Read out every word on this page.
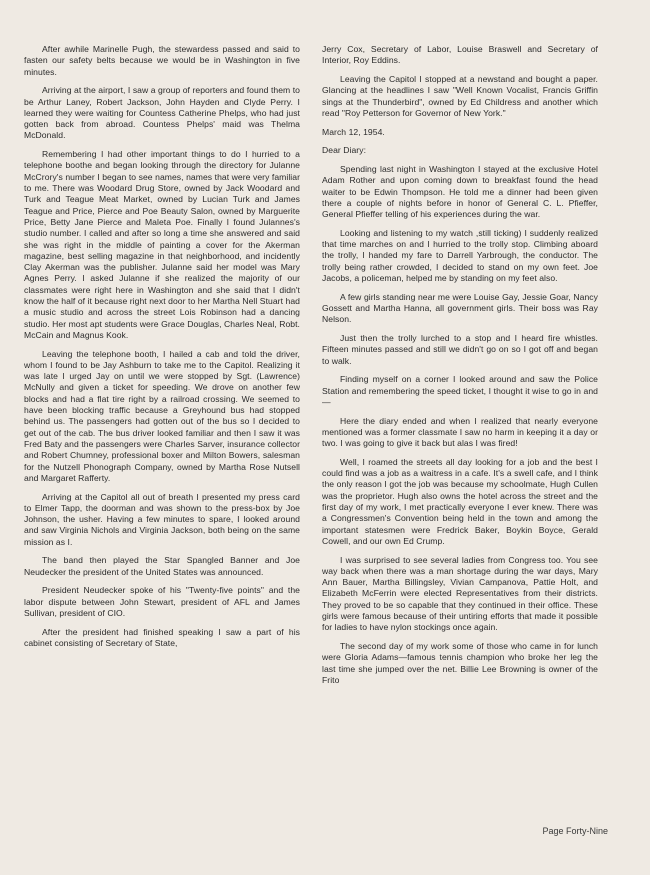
After awhile Marinelle Pugh, the stewardess passed and said to fasten our safety belts because we would be in Washington in five minutes.

Arriving at the airport, I saw a group of reporters and found them to be Arthur Laney, Robert Jackson, John Hayden and Clyde Perry. I learned they were waiting for Countess Catherine Phelps, who had just gotten back from abroad. Countess Phelps' maid was Thelma McDonald.

Remembering I had other important things to do I hurried to a telephone boothe and began looking through the directory for Julanne McCrory's number I began to see names, names that were very familiar to me. There was Woodard Drug Store, owned by Jack Woodard and Turk and Teague Meat Market, owned by Lucian Turk and James Teague and Price, Pierce and Poe Beauty Salon, owned by Marguerite Price, Betty Jane Pierce and Maleta Poe. Finally I found Julannes's studio number. I called and after so long a time she answered and said she was right in the middle of painting a cover for the Akerman magazine, best selling magazine in that neighborhood, and incidently Clay Akerman was the publisher. Julanne said her model was Mary Agnes Perry. I asked Julanne if she realized the majority of our classmates were right here in Washington and she said that I didn't know the half of it because right next door to her Martha Nell Stuart had a music studio and across the street Lois Robinson had a dancing studio. Her most apt students were Grace Douglas, Charles Neal, Robt. McCain and Magnus Kook.

Leaving the telephone booth, I hailed a cab and told the driver, whom I found to be Jay Ashburn to take me to the Capitol. Realizing it was late I urged Jay on until we were stopped by Sgt. (Lawrence) McNully and given a ticket for speeding. We drove on another few blocks and had a flat tire right by a railroad crossing. We seemed to have been blocking traffic because a Greyhound bus had stopped behind us. The passengers had gotten out of the bus so I decided to get out of the cab. The bus driver looked familiar and then I saw it was Fred Baty and the passengers were Charles Sarver, insurance collector and Robert Chumney, professional boxer and Milton Bowers, salesman for the Nutzell Phonograph Company, owned by Martha Rose Nutsell and Margaret Rafferty.

Arriving at the Capitol all out of breath I presented my press card to Elmer Tapp, the doorman and was shown to the press-box by Joe Johnson, the usher. Having a few minutes to spare, I looked around and saw Virginia Nichols and Virginia Jackson, both being on the same mission as I.

The band then played the Star Spangled Banner and Joe Neudecker the president of the United States was announced.

President Neudecker spoke of his "Twenty-five points" and the labor dispute between John Stewart, president of AFL and James Sullivan, president of CIO.

After the president had finished speaking I saw a part of his cabinet consisting of Secretary of State,

Jerry Cox, Secretary of Labor, Louise Braswell and Secretary of Interior, Roy Eddins.

Leaving the Capitol I stopped at a newstand and bought a paper. Glancing at the headlines I saw "Well Known Vocalist, Francis Griffin sings at the Thunderbird", owned by Ed Childress and another which read "Roy Petterson for Governor of New York."

March 12, 1954.

Dear Diary:

Spending last night in Washington I stayed at the exclusive Hotel Adam Rother and upon coming down to breakfast found the head waiter to be Edwin Thompson. He told me a dinner had been given there a couple of nights before in honor of General C. L. Pfieffer, General Pfieffer telling of his experiences during the war.

Looking and listening to my watch ,still ticking) I suddenly realized that time marches on and I hurried to the trolly stop. Climbing aboard the trolly, I handed my fare to Darrell Yarbrough, the conductor. The trolly being rather crowded, I decided to stand on my own feet. Joe Jacobs, a policeman, helped me by standing on my feet also.

A few girls standing near me were Louise Gay, Jessie Goar, Nancy Gossett and Martha Hanna, all government girls. Their boss was Ray Nelson.

Just then the trolly lurched to a stop and I heard fire whistles. Fifteen minutes passed and still we didn't go on so I got off and began to walk.

Finding myself on a corner I looked around and saw the Police Station and remembering the speed ticket, I thought it wise to go in and—

Here the diary ended and when I realized that nearly everyone mentioned was a former classmate I saw no harm in keeping it a day or two. I was going to give it back but alas I was fired!

Well, I roamed the streets all day looking for a job and the best I could find was a job as a waitress in a cafe. It's a swell cafe, and I think the only reason I got the job was because my schoolmate, Hugh Cullen was the proprietor. Hugh also owns the hotel across the street and the first day of my work, I met practically everyone I ever knew. There was a Congressmen's Convention being held in the town and among the important statesmen were Fredrick Baker, Boykin Boyce, Gerald Cowell, and our own Ed Crump.

I was surprised to see several ladies from Congress too. You see way back when there was a man shortage during the war days, Mary Ann Bauer, Martha Billingsley, Vivian Campanova, Pattie Holt, and Elizabeth McFerrin were elected Representatives from their districts. They proved to be so capable that they continued in their office. These girls were famous because of their untiring efforts that made it possible for ladies to have nylon stockings once again.

The second day of my work some of those who came in for lunch were Gloria Adams—famous tennis champion who broke her leg the last time she jumped over the net. Billie Lee Browning is owner of the Frito

Page Forty-Nine
